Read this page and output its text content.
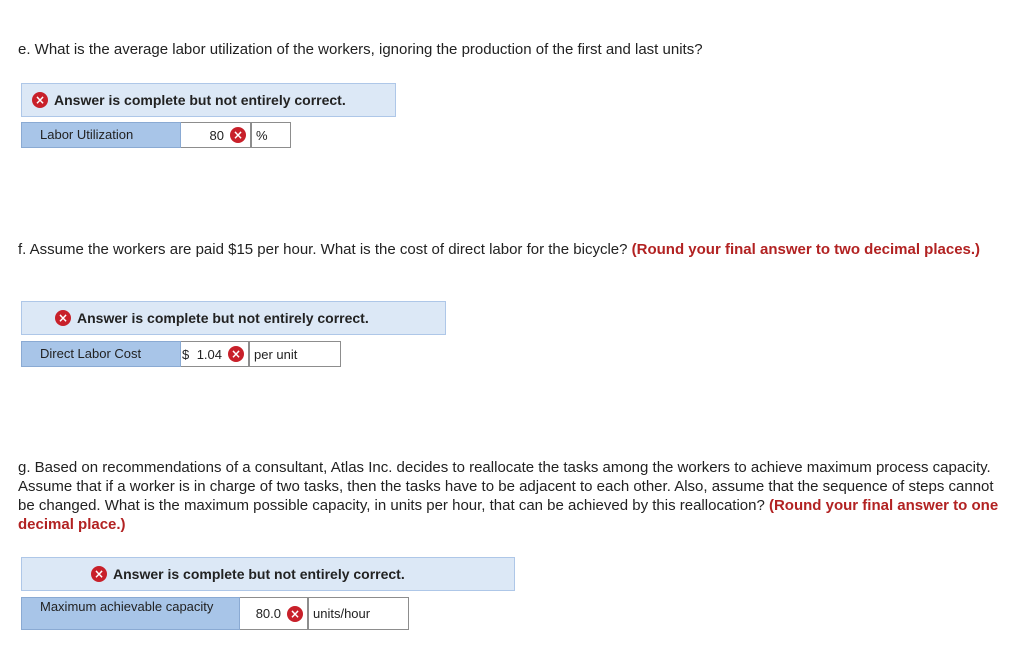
e. What is the average labor utilization of the workers, ignoring the production of the first and last units?
× Answer is complete but not entirely correct.
Labor Utilization	80 × %
f. Assume the workers are paid $15 per hour. What is the cost of direct labor for the bicycle? (Round your final answer to two decimal places.)
× Answer is complete but not entirely correct.
Direct Labor Cost	$ 1.04 × per unit
g. Based on recommendations of a consultant, Atlas Inc. decides to reallocate the tasks among the workers to achieve maximum process capacity. Assume that if a worker is in charge of two tasks, then the tasks have to be adjacent to each other. Also, assume that the sequence of steps cannot be changed. What is the maximum possible capacity, in units per hour, that can be achieved by this reallocation? (Round your final answer to one decimal place.)
× Answer is complete but not entirely correct.
Maximum achievable capacity	80.0 × units/hour
